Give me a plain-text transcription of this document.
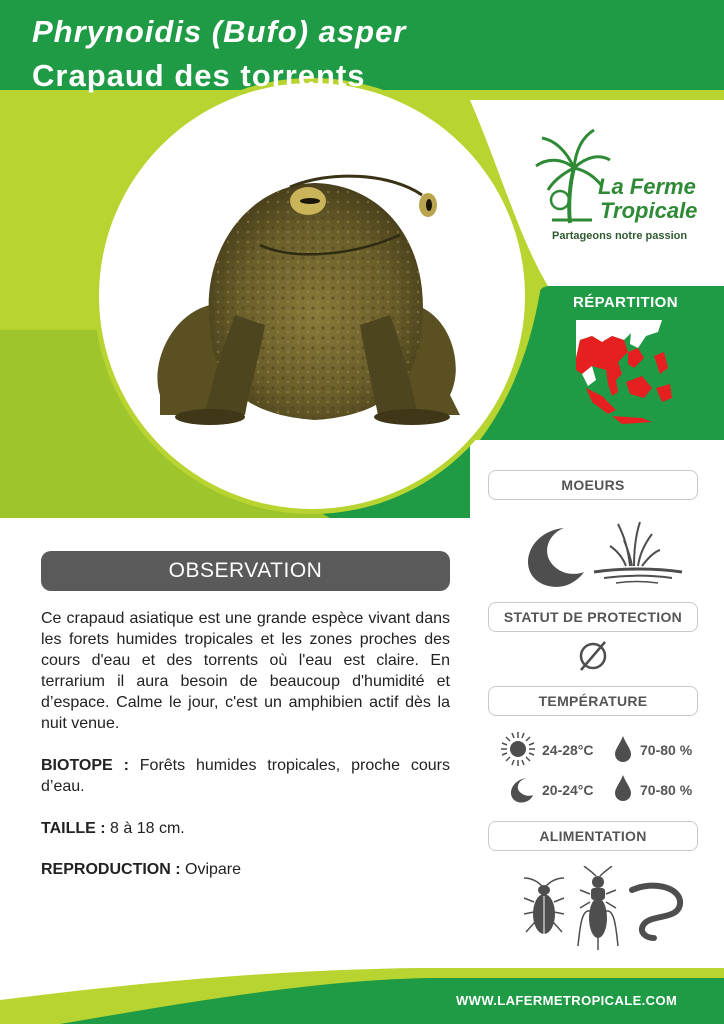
Phrynoidis (Bufo) asper
Crapaud des torrents
La Ferme
Tropicale
Partageons notre passion
RÉPARTITION
MOEURS
STATUT DE PROTECTION
TEMPÉRATURE
24-28°C	70-80 %
20-24°C	70-80 %
ALIMENTATION
OBSERVATION
Ce crapaud asiatique est une grande espèce vivant dans les forets humides tropicales et les zones proches des cours d'eau et des torrents où l'eau est claire. En terrarium il aura besoin de beaucoup d'humidité et d’espace. Calme le jour, c'est un amphibien actif dès la nuit venue.
BIOTOPE : Forêts humides tropicales, proche cours d’eau.
TAILLE : 8 à 18 cm.
REPRODUCTION : Ovipare
WWW.LAFERMETROPICALE.COM
